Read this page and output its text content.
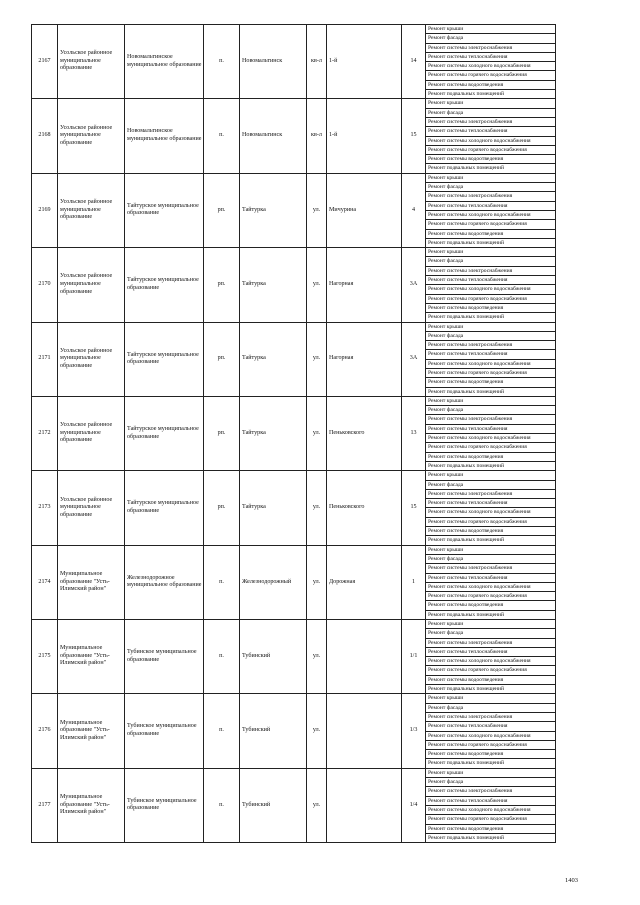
2167	Усольское районное муниципальное образование	Новомальтинское муниципальное образование	п.	Новомальтинск	кв-л	1-й	14	Ремонт крыши
								Ремонт фасада
								Ремонт системы электроснабжения
								Ремонт системы теплоснабжения
								Ремонт системы холодного водоснабжения
								Ремонт системы горячего водоснабжения
								Ремонт системы водоотведения
								Ремонт подвальных помещений
2168	Усольское районное муниципальное образование	Новомальтинское муниципальное образование	п.	Новомальтинск	кв-л	1-й	15	Ремонт крыши
								Ремонт фасада
								Ремонт системы электроснабжения
								Ремонт системы теплоснабжения
								Ремонт системы холодного водоснабжения
								Ремонт системы горячего водоснабжения
								Ремонт системы водоотведения
								Ремонт подвальных помещений
2169	Усольское районное муниципальное образование	Тайтурское муниципальное образование	рп.	Тайтурка	ул.	Мичурина	4	Ремонт крыши
								Ремонт фасада
								Ремонт системы электроснабжения
								Ремонт системы теплоснабжения
								Ремонт системы холодного водоснабжения
								Ремонт системы горячего водоснабжения
								Ремонт системы водоотведения
								Ремонт подвальных помещений
2170	Усольское районное муниципальное образование	Тайтурское муниципальное образование	рп.	Тайтурка	ул.	Нагорная	3А	Ремонт крыши
								Ремонт фасада
								Ремонт системы электроснабжения
								Ремонт системы теплоснабжения
								Ремонт системы холодного водоснабжения
								Ремонт системы горячего водоснабжения
								Ремонт системы водоотведения
								Ремонт подвальных помещений
2171	Усольское районное муниципальное образование	Тайтурское муниципальное образование	рп.	Тайтурка	ул.	Нагорная	3А	Ремонт крыши
								Ремонт фасада
								Ремонт системы электроснабжения
								Ремонт системы теплоснабжения
								Ремонт системы холодного водоснабжения
								Ремонт системы горячего водоснабжения
								Ремонт системы водоотведения
								Ремонт подвальных помещений
2172	Усольское районное муниципальное образование	Тайтурское муниципальное образование	рп.	Тайтурка	ул.	Пеньковского	13	Ремонт крыши
								Ремонт фасада
								Ремонт системы электроснабжения
								Ремонт системы теплоснабжения
								Ремонт системы холодного водоснабжения
								Ремонт системы горячего водоснабжения
								Ремонт системы водоотведения
								Ремонт подвальных помещений
2173	Усольское районное муниципальное образование	Тайтурское муниципальное образование	рп.	Тайтурка	ул.	Пеньковского	15	Ремонт крыши
								Ремонт фасада
								Ремонт системы электроснабжения
								Ремонт системы теплоснабжения
								Ремонт системы холодного водоснабжения
								Ремонт системы горячего водоснабжения
								Ремонт системы водоотведения
								Ремонт подвальных помещений
2174	Муниципальное образование "Усть-Илимский район"	Железнодорожное муниципальное образование	п.	Железнодорожный	ул.	Дорожная	1	Ремонт крыши
								Ремонт фасада
								Ремонт системы электроснабжения
								Ремонт системы теплоснабжения
								Ремонт системы холодного водоснабжения
								Ремонт системы горячего водоснабжения
								Ремонт системы водоотведения
								Ремонт подвальных помещений
2175	Муниципальное образование "Усть-Илимский район"	Тубинское муниципальное образование	п.	Тубинский	ул.		1/1	Ремонт крыши
								Ремонт фасада
								Ремонт системы электроснабжения
								Ремонт системы теплоснабжения
								Ремонт системы холодного водоснабжения
								Ремонт системы горячего водоснабжения
								Ремонт системы водоотведения
								Ремонт подвальных помещений
2176	Муниципальное образование "Усть-Илимский район"	Тубинское муниципальное образование	п.	Тубинский	ул.		1/3	Ремонт крыши
								Ремонт фасада
								Ремонт системы электроснабжения
								Ремонт системы теплоснабжения
								Ремонт системы холодного водоснабжения
								Ремонт системы горячего водоснабжения
								Ремонт системы водоотведения
								Ремонт подвальных помещений
2177	Муниципальное образование "Усть-Илимский район"	Тубинское муниципальное образование	п.	Тубинский	ул.		1/4	Ремонт крыши
								Ремонт фасада
								Ремонт системы электроснабжения
								Ремонт системы теплоснабжения
								Ремонт системы холодного водоснабжения
								Ремонт системы горячего водоснабжения
								Ремонт системы водоотведения
								Ремонт подвальных помещений
1403
